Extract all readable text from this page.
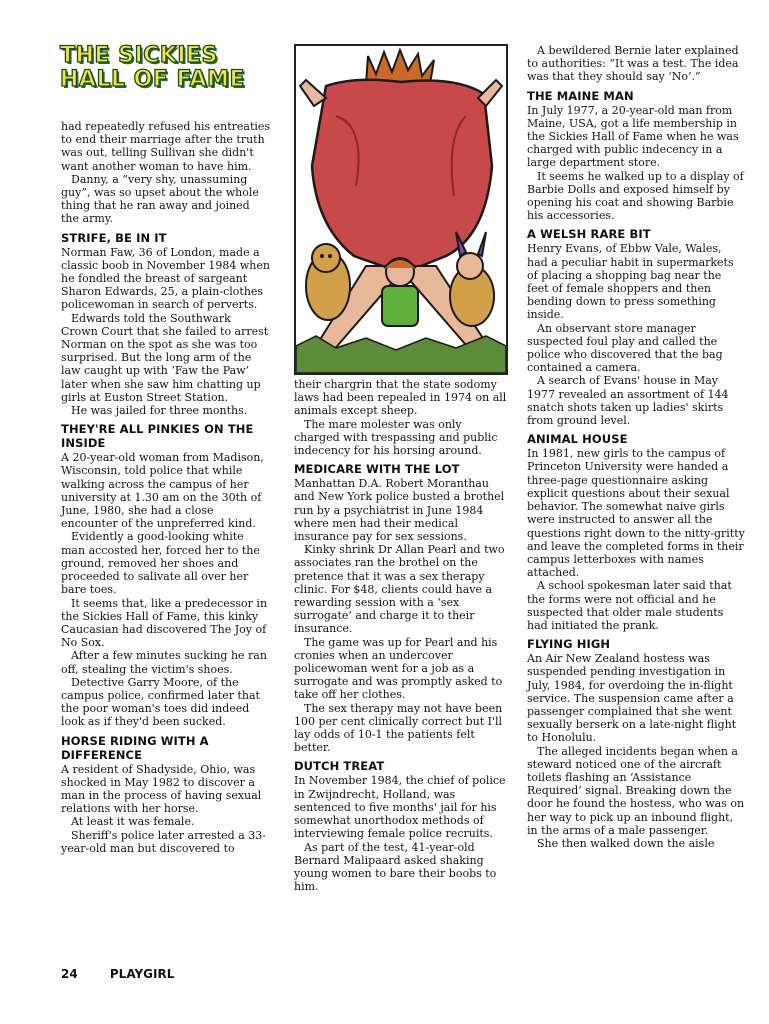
THE SICKIES
HALL OF FAME

had repeatedly refused his entreaties to end their marriage after the truth was out, telling Sullivan she didn't want another woman to have him.

Danny, a “very shy, unassuming guy”, was so upset about the whole thing that he ran away and joined the army.

STRIFE, BE IN IT

Norman Faw, 36 of London, made a classic boob in November 1984 when he fondled the breast of sargeant Sharon Edwards, 25, a plain-clothes policewoman in search of perverts.

Edwards told the Southwark Crown Court that she failed to arrest Norman on the spot as she was too surprised. But the long arm of the law caught up with ‘Faw the Paw’ later when she saw him chatting up girls at Euston Street Station.

He was jailed for three months.

THEY'RE ALL PINKIES ON THE INSIDE

A 20-year-old woman from Madison, Wisconsin, told police that while walking across the campus of her university at 1.30 am on the 30th of June, 1980, she had a close encounter of the unpreferred kind.

Evidently a good-looking white man accosted her, forced her to the ground, removed her shoes and proceeded to salivate all over her bare toes.

It seems that, like a predecessor in the Sickies Hall of Fame, this kinky Caucasian had discovered The Joy of No Sox.

After a few minutes sucking he ran off, stealing the victim's shoes.

Detective Garry Moore, of the campus police, confirmed later that the poor woman's toes did indeed look as if they'd been sucked.

HORSE RIDING WITH A DIFFERENCE

A resident of Shadyside, Ohio, was shocked in May 1982 to discover a man in the process of having sexual relations with her horse.

At least it was female.

Sheriff's police later arrested a 33-year-old man but discovered to

their chargrin that the state sodomy laws had been repealed in 1974 on all animals except sheep.

The mare molester was only charged with trespassing and public indecency for his horsing around.

MEDICARE WITH THE LOT

Manhattan D.A. Robert Moranthau and New York police busted a brothel run by a psychiatrist in June 1984 where men had their medical insurance pay for sex sessions.

Kinky shrink Dr Allan Pearl and two associates ran the brothel on the pretence that it was a sex therapy clinic. For $48, clients could have a rewarding session with a ‘sex surrogate’ and charge it to their insurance.

The game was up for Pearl and his cronies when an undercover policewoman went for a job as a surrogate and was promptly asked to take off her clothes.

The sex therapy may not have been 100 per cent clinically correct but I'll lay odds of 10-1 the patients felt better.

DUTCH TREAT

In November 1984, the chief of police in Zwijndrecht, Holland, was sentenced to five months' jail for his somewhat unorthodox methods of interviewing female police recruits.

As part of the test, 41-year-old Bernard Malipaard asked shaking young women to bare their boobs to him.

A bewildered Bernie later explained to authorities: “It was a test. The idea was that they should say ‘No’.”

THE MAINE MAN

In July 1977, a 20-year-old man from Maine, USA, got a life membership in the Sickies Hall of Fame when he was charged with public indecency in a large department store.

It seems he walked up to a display of Barbie Dolls and exposed himself by opening his coat and showing Barbie his accessories.

A WELSH RARE BIT

Henry Evans, of Ebbw Vale, Wales, had a peculiar habit in supermarkets of placing a shopping bag near the feet of female shoppers and then bending down to press something inside.

An observant store manager suspected foul play and called the police who discovered that the bag contained a camera.

A search of Evans' house in May 1977 revealed an assortment of 144 snatch shots taken up ladies' skirts from ground level.

ANIMAL HOUSE

In 1981, new girls to the campus of Princeton University were handed a three-page questionnaire asking explicit questions about their sexual behavior. The somewhat naive girls were instructed to answer all the questions right down to the nitty-gritty and leave the completed forms in their campus letterboxes with names attached.

A school spokesman later said that the forms were not official and he suspected that older male students had initiated the prank.

FLYING HIGH

An Air New Zealand hostess was suspended pending investigation in July, 1984, for overdoing the in-flight service. The suspension came after a passenger complained that she went sexually berserk on a late-night flight to Honolulu.

The alleged incidents began when a steward noticed one of the aircraft toilets flashing an ‘Assistance Required’ signal. Breaking down the door he found the hostess, who was on her way to pick up an inbound flight, in the arms of a male passenger.

She then walked down the aisle

24	PLAYGIRL
